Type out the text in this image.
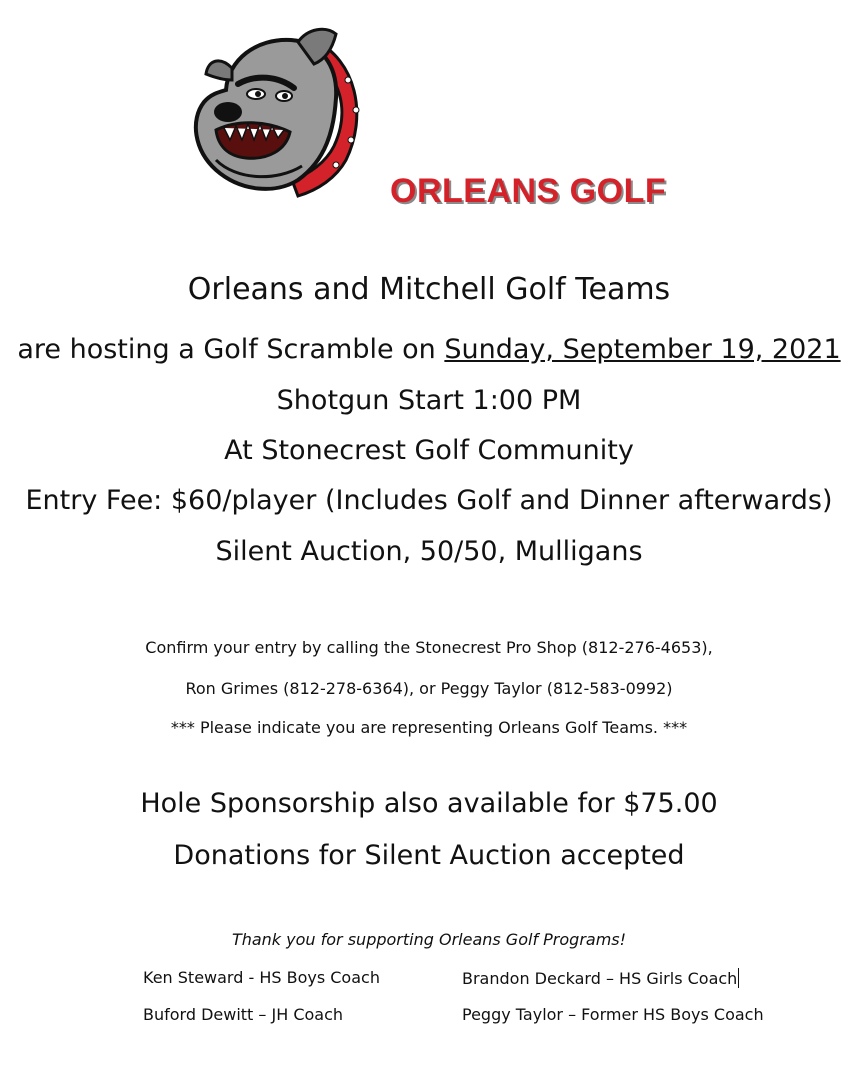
ORLEANS GOLF
Orleans and Mitchell Golf Teams
are hosting a Golf Scramble on Sunday, September 19, 2021
Shotgun Start 1:00 PM
At Stonecrest Golf Community
Entry Fee: $60/player (Includes Golf and Dinner afterwards)
Silent Auction, 50/50, Mulligans
Confirm your entry by calling the Stonecrest Pro Shop (812-276-4653),
Ron Grimes (812-278-6364), or Peggy Taylor (812-583-0992)
*** Please indicate you are representing Orleans Golf Teams. ***
Hole Sponsorship also available for $75.00
Donations for Silent Auction accepted
Thank you for supporting Orleans Golf Programs!
Ken Steward - HS Boys Coach	Brandon Deckard – HS Girls Coach
Buford Dewitt – JH Coach	Peggy Taylor – Former HS Boys Coach
